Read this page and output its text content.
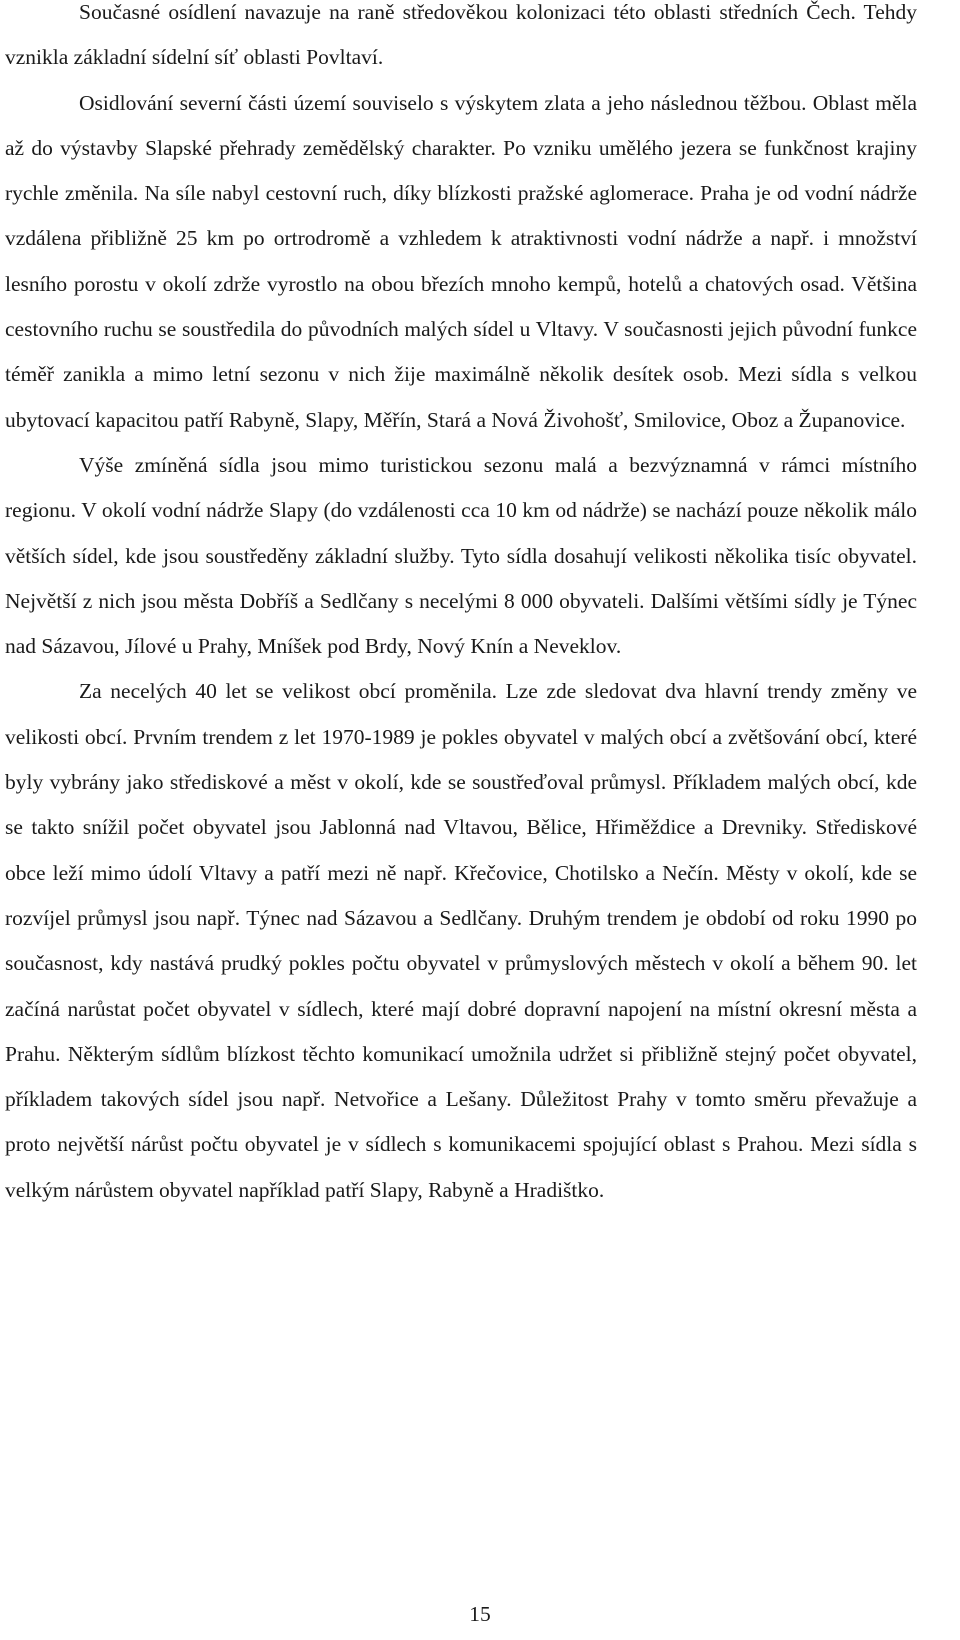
Současné osídlení navazuje na raně středověkou kolonizaci této oblasti středních Čech. Tehdy vznikla základní sídelní síť oblasti Povltaví.

Osidlování severní části území souviselo s výskytem zlata a jeho následnou těžbou. Oblast měla až do výstavby Slapské přehrady zemědělský charakter. Po vzniku umělého jezera se funkčnost krajiny rychle změnila. Na síle nabyl cestovní ruch, díky blízkosti pražské aglomerace. Praha je od vodní nádrže vzdálena přibližně 25 km po ortrodromě a vzhledem k atraktivnosti vodní nádrže a např. i množství lesního porostu v okolí zdrže vyrostlo na obou březích mnoho kempů, hotelů a chatových osad. Většina cestovního ruchu se soustředila do původních malých sídel u Vltavy. V současnosti jejich původní funkce téměř zanikla a mimo letní sezonu v nich žije maximálně několik desítek osob. Mezi sídla s velkou ubytovací kapacitou patří Rabyně, Slapy, Měřín, Stará a Nová Živohošť, Smilovice, Oboz a Županovice.

Výše zmíněná sídla jsou mimo turistickou sezonu malá a bezvýznamná v rámci místního regionu. V okolí vodní nádrže Slapy (do vzdálenosti cca 10 km od nádrže) se nachází pouze několik málo větších sídel, kde jsou soustředěny základní služby. Tyto sídla dosahují velikosti několika tisíc obyvatel. Největší z nich jsou města Dobříš a Sedlčany s necelými 8 000 obyvateli. Dalšími většími sídly je Týnec nad Sázavou, Jílové u Prahy, Mníšek pod Brdy, Nový Knín a Neveklov.

Za necelých 40 let se velikost obcí proměnila. Lze zde sledovat dva hlavní trendy změny ve velikosti obcí. Prvním trendem z let 1970-1989 je pokles obyvatel v malých obcí a zvětšování obcí, které byly vybrány jako střediskové a měst v okolí, kde se soustřeďoval průmysl. Příkladem malých obcí, kde se takto snížil počet obyvatel jsou Jablonná nad Vltavou, Bělice, Hřiměždice a Drevniky. Střediskové obce leží mimo údolí Vltavy a patří mezi ně např. Křečovice, Chotilsko a Nečín. Městy v okolí, kde se rozvíjel průmysl jsou např. Týnec nad Sázavou a Sedlčany. Druhým trendem je období od roku 1990 po současnost, kdy nastává prudký pokles počtu obyvatel v průmyslových městech v okolí a během 90. let začíná narůstat počet obyvatel v sídlech, které mají dobré dopravní napojení na místní okresní města a Prahu. Některým sídlům blízkost těchto komunikací umožnila udržet si přibližně stejný počet obyvatel, příkladem takových sídel jsou např. Netvořice a Lešany. Důležitost Prahy v tomto směru převažuje a proto největší nárůst počtu obyvatel je v sídlech s komunikacemi spojující oblast s Prahou. Mezi sídla s velkým nárůstem obyvatel například patří Slapy, Rabyně a Hradištko.

15
